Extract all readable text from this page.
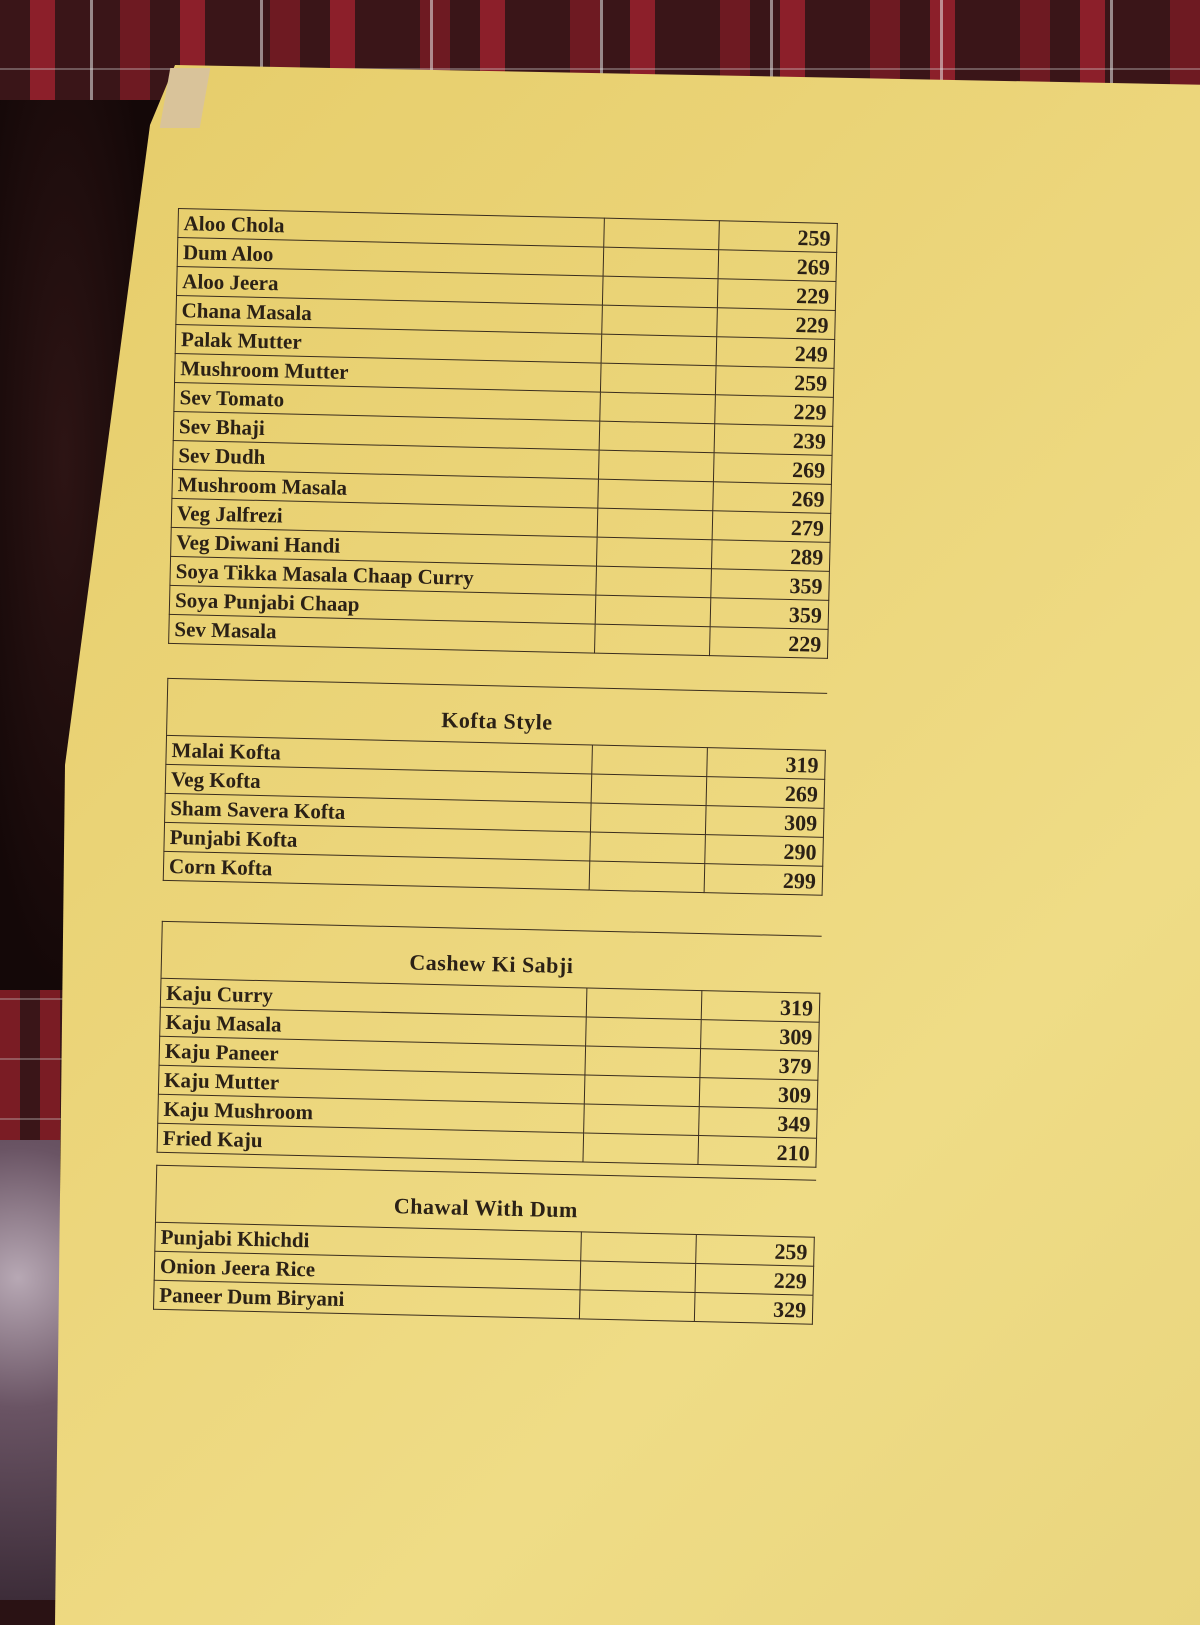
Aloo Chola		259
Dum Aloo		269
Aloo Jeera		229
Chana Masala		229
Palak Mutter		249
Mushroom Mutter		259
Sev Tomato		229
Sev Bhaji		239
Sev Dudh		269
Mushroom Masala		269
Veg Jalfrezi		279
Veg Diwani Handi		289
Soya Tikka Masala Chaap Curry		359
Soya Punjabi Chaap		359
Sev Masala		229
Kofta Style
Malai Kofta		319
Veg Kofta		269
Sham Savera Kofta		309
Punjabi Kofta		290
Corn Kofta		299
Cashew Ki Sabji
Kaju Curry		319
Kaju Masala		309
Kaju Paneer		379
Kaju Mutter		309
Kaju Mushroom		349
Fried Kaju		210
Chawal With Dum
Punjabi Khichdi		259
Onion Jeera Rice		229
Paneer Dum Biryani		329
